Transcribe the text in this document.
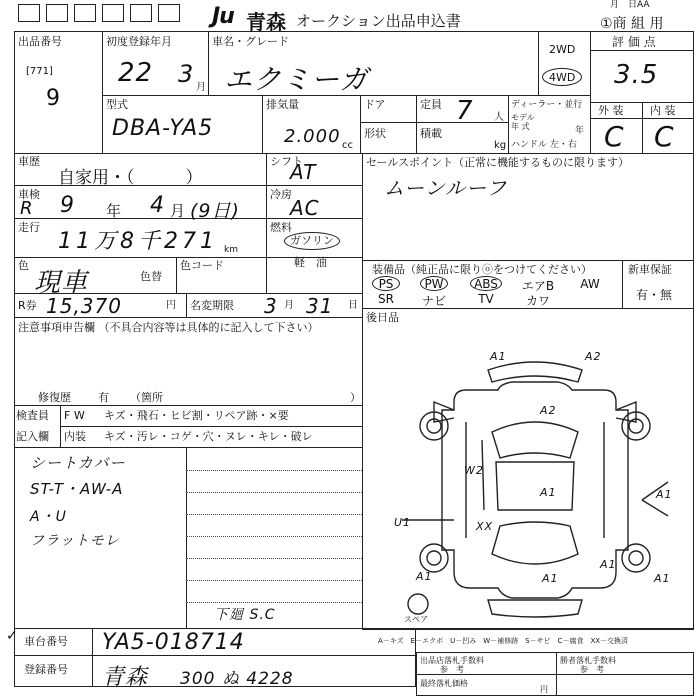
Ju 青森 オークション出品申込書
月　日AA
①商 組 用
出品番号
[771]
9
初度登録年月
22 3 月
車名・グレード
エクミーガ
2WD
4WD
評 価 点
3.5
型式
DBA-YA5
排気量
2.000 cc
ドア	定員 7 人
形状	積載
kg
ディーラー・並行
モデル
年 式	年
ハンドル 左・右
外 装 内 装
C C
車歴
自家用・（　　　）
シフト
AT
車検
R 9 年 4 月 (9日)
冷房
AC
走行
11万8千271 km
燃料
ガソリン
軽　油
色
現車	色替
色コード
R券 15,370	円 名変期限 3 月 31 日
注意事項申告欄 （不具合内容等は具体的に記入して下さい）
修復歴 有 （箇所	）
検査員
記入欄
F W キズ・飛石・ヒビ割・リペア跡・×要
内装 キズ・汚レ・コゲ・穴・ヌレ・キレ・破レ
シートカバー
ST-T・AW-A
A・U
フラットモレ
下廻 S.C
セールスポイント（正常に機能するものに限ります）
ムーンルーフ
装備品（純正品に限りⓞをつけてください）
PS	PW	ABS	エアB	AW
SR	ナビ	TV	カワ
新車保証
有・無
後日品
A1	A2
A2
W2
A1	A1
XX
U1
A1	A1
A1
A1
スペア
A－キズ　E－エクボ　U－凹み　W－補修跡　S－サビ　C－腐食　XX－交換済
✓ 車台番号 YA5-018714
登録番号 青森 300 ぬ 4228
出品店落札手数料
参　考
勝者落札手数料
参　考
最終落札価格
円
